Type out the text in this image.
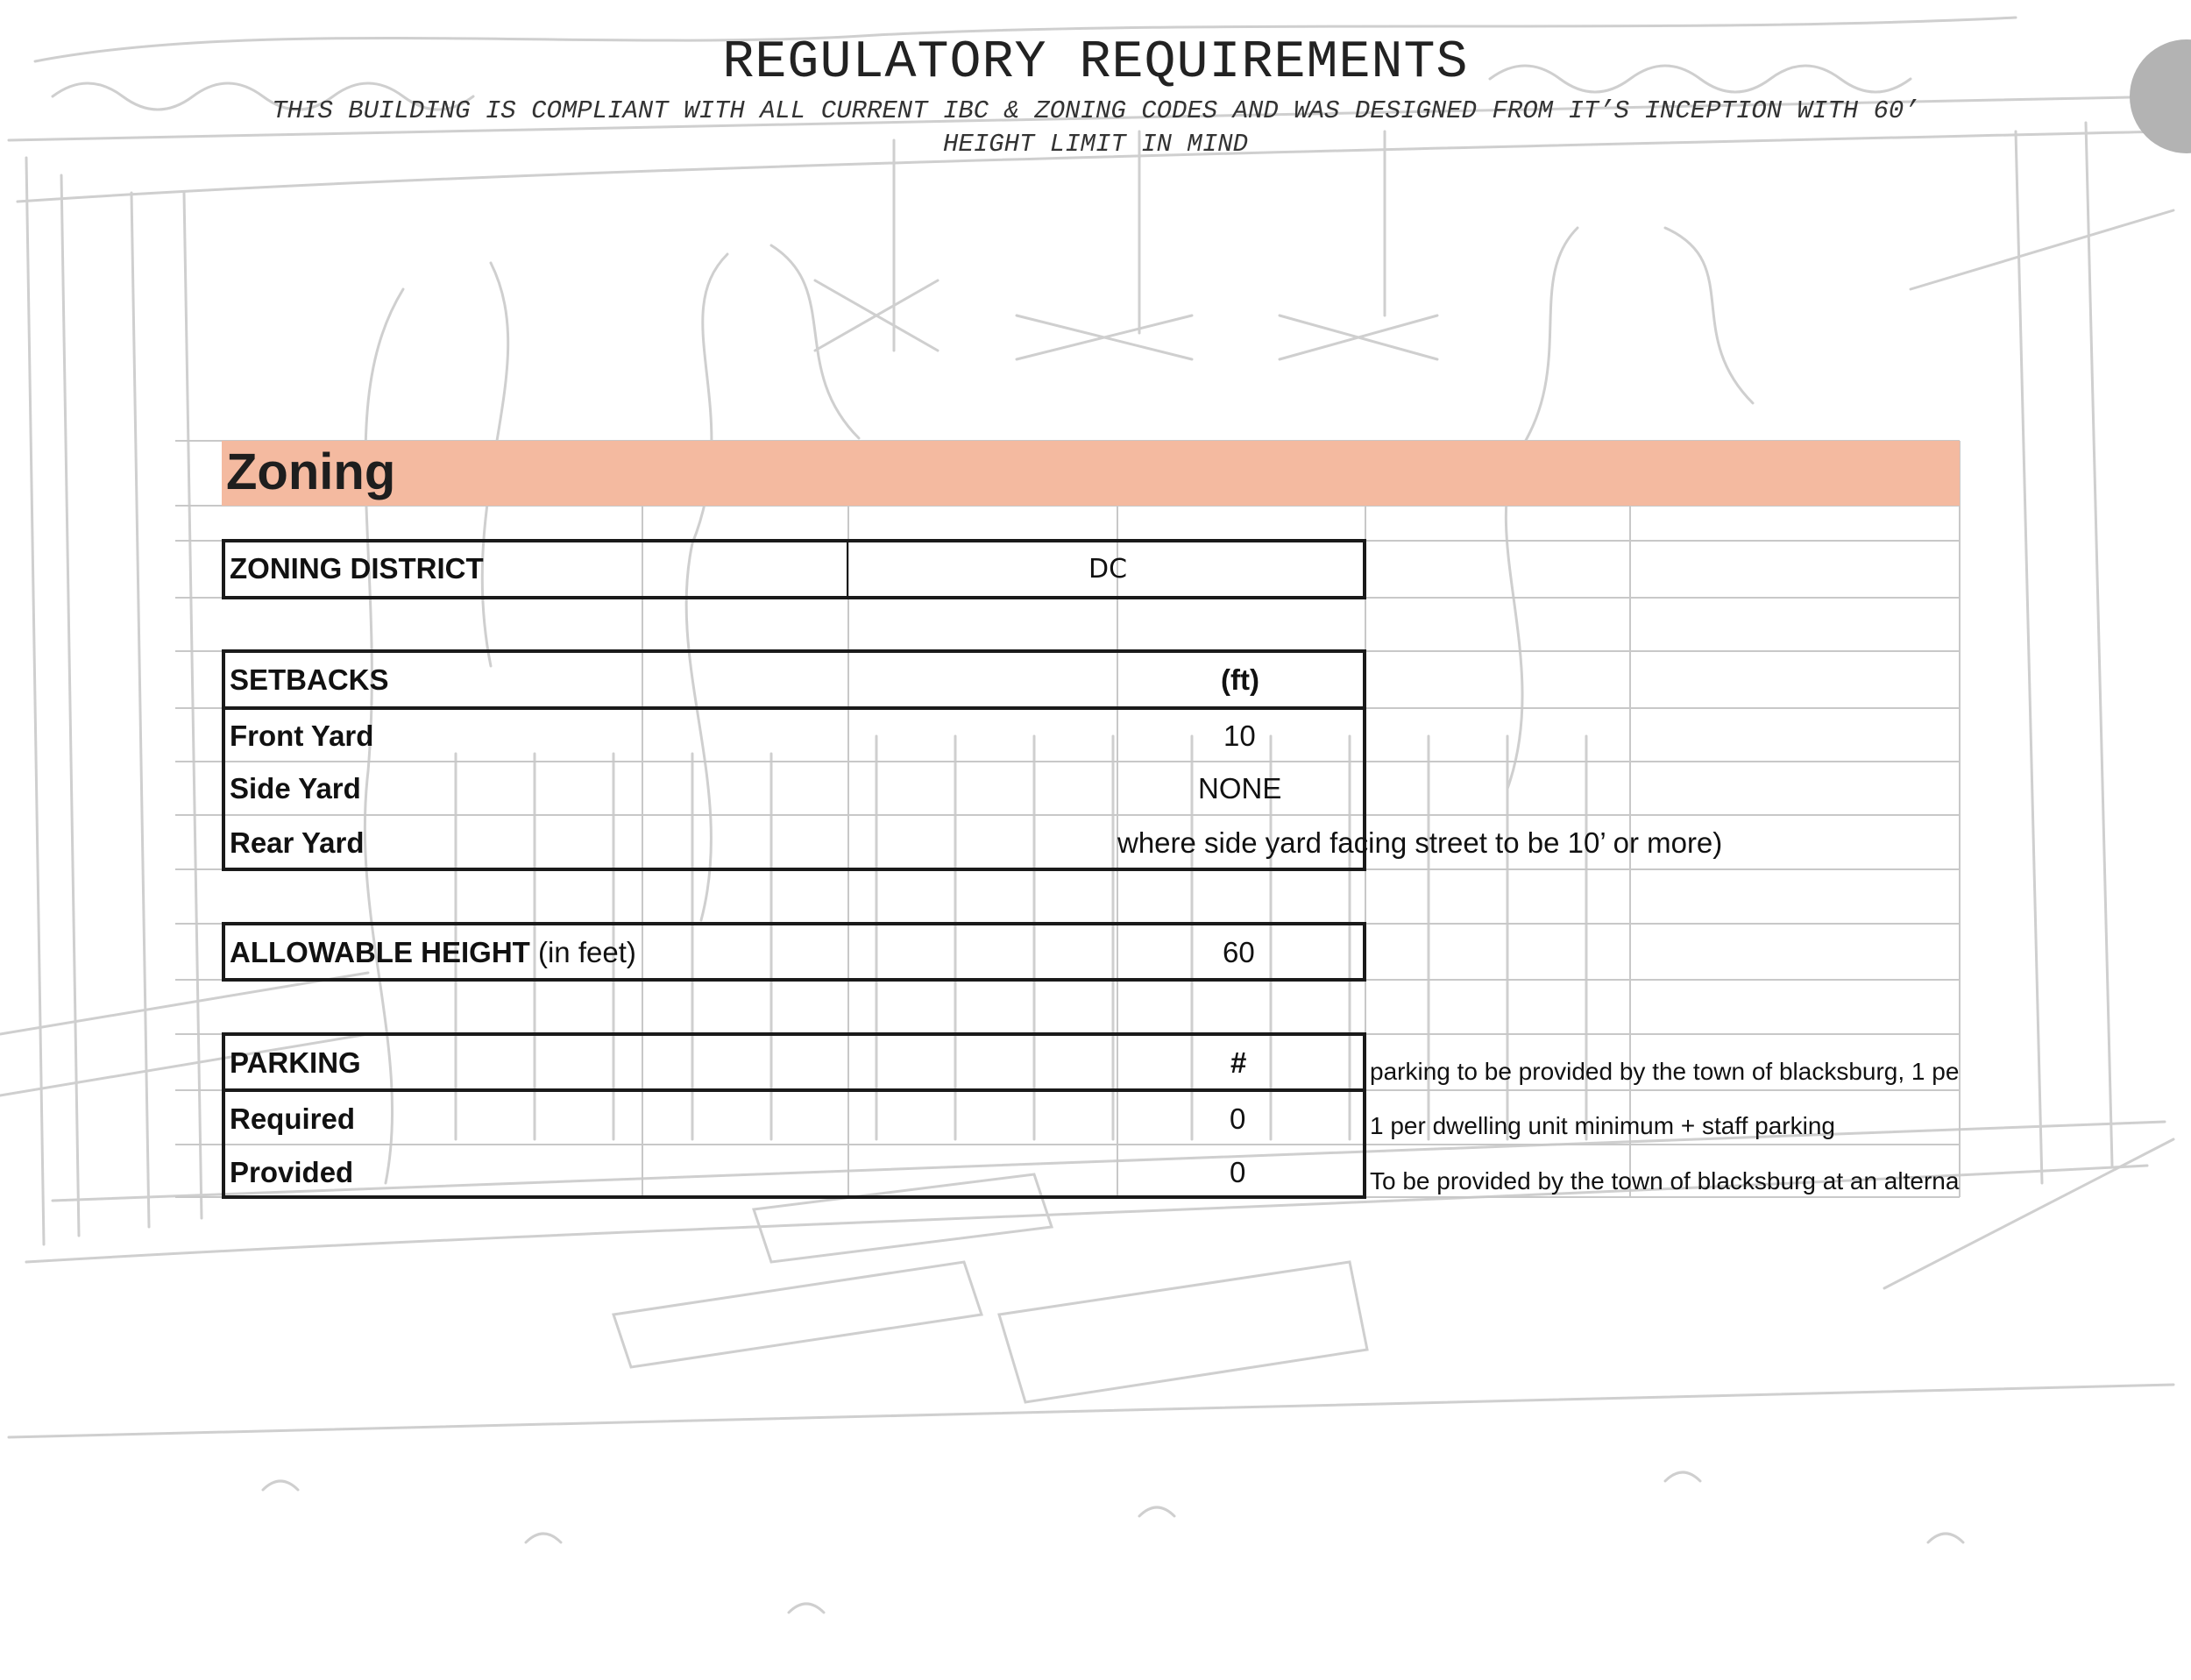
REGULATORY REQUIREMENTS
THIS BUILDING IS COMPLIANT WITH ALL CURRENT IBC & ZONING CODES AND WAS DESIGNED FROM IT’S INCEPTION WITH 60’
HEIGHT LIMIT IN MIND
Zoning
ZONING DISTRICT	DC
SETBACKS	(ft)
Front Yard	10
Side Yard	NONE
Rear Yard	where side yard facing street to be 10’ or more)
ALLOWABLE HEIGHT (in feet)	60
PARKING	#	parking to be provided by the town of blacksburg, 1 pe
Required	0	1 per dwelling unit minimum + staff parking
Provided	0	To be provided by the town of blacksburg at an alterna
